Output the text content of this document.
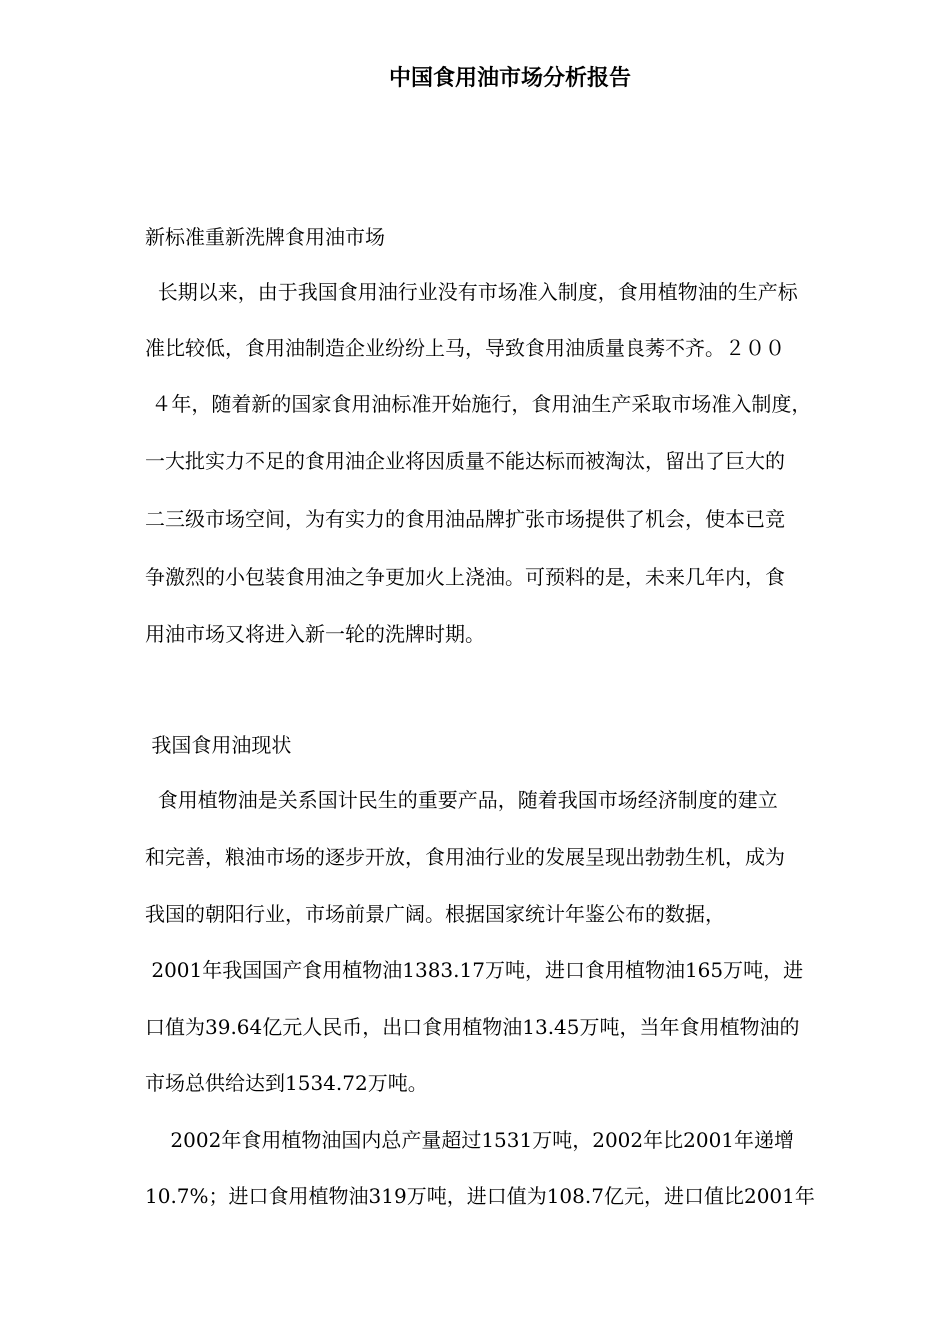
中国食用油市场分析报告
新标准重新洗牌食用油市场
长期以来，由于我国食用油行业没有市场准入制度，食用植物油的生产标
准比较低，食用油制造企业纷纷上马，导致食用油质量良莠不齐。２００
４年，随着新的国家食用油标准开始施行，食用油生产采取市场准入制度，
一大批实力不足的食用油企业将因质量不能达标而被淘汰，留出了巨大的
二三级市场空间，为有实力的食用油品牌扩张市场提供了机会，使本已竞
争激烈的小包装食用油之争更加火上浇油。可预料的是，未来几年内，食
用油市场又将进入新一轮的洗牌时期。
我国食用油现状
食用植物油是关系国计民生的重要产品，随着我国市场经济制度的建立
和完善，粮油市场的逐步开放，食用油行业的发展呈现出勃勃生机，成为
我国的朝阳行业，市场前景广阔。根据国家统计年鉴公布的数据，
2001年我国国产食用植物油1383.17万吨，进口食用植物油165万吨，进
口值为39.64亿元人民币，出口食用植物油13.45万吨，当年食用植物油的
市场总供给达到1534.72万吨。
2002年食用植物油国内总产量超过1531万吨，2002年比2001年递增
10.7%；进口食用植物油319万吨，进口值为108.7亿元，进口值比2001年
